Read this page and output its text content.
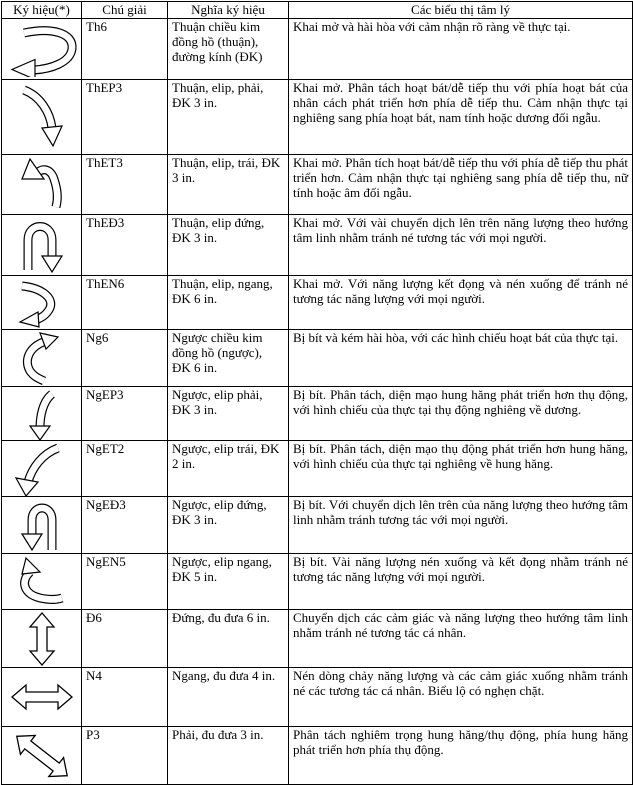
Ký hiệu(*)	Chú giải	Nghĩa ký hiệu	Các biểu thị tâm lý

	Th6	Thuận chiều kim đồng hồ (thuận), đường kính (ĐK)	Khai mở và hài hòa với cảm nhận rõ ràng về thực tại.

	ThEP3	Thuận, elip, phải, ĐK 3 in.	Khai mở. Phân tách hoạt bát/dễ tiếp thu với phía hoạt bát của nhân cách phát triển hơn phía dễ tiếp thu. Cảm nhận thực tại nghiêng sang phía hoạt bát, nam tính hoặc dương đối ngẫu.

	ThET3	Thuận, elip, trái, ĐK 3 in.	Khai mở. Phân tích hoạt bát/dễ tiếp thu với phía dễ tiếp thu phát triển hơn. Cảm nhận thực tại nghiêng sang phía dễ tiếp thu, nữ tính hoặc âm đối ngẫu.

	ThEĐ3	Thuận, elip đứng, ĐK 3 in.	Khai mở. Với vài chuyển dịch lên trên năng lượng theo hướng tâm linh nhằm tránh né tương tác với mọi người.

	ThEN6	Thuận, elip, ngang, ĐK 6 in.	Khai mở. Với năng lượng kết đọng và nén xuống để tránh né tương tác năng lượng với mọi người.

	Ng6	Ngược chiều kim đồng hồ (ngược), ĐK 6 in.	Bị bít và kém hài hòa, với các hình chiếu hoạt bát của thực tại.

	NgEP3	Ngược, elip phải, ĐK 3 in.	Bị bít. Phân tách, diện mạo hung hăng phát triển hơn thụ động, với hình chiếu của thực tại thụ động nghiêng về dương.

	NgET2	Ngược, elip trái, ĐK 2 in.	Bị bít. Phân tách, diện mạo thụ động phát triển hơn hung hăng, với hình chiếu của thực tại nghiêng về hung hăng.

	NgEĐ3	Ngược, elip đứng, ĐK 3 in.	Bị bít. Với chuyển dịch lên trên của năng lượng theo hướng tâm linh nhằm tránh tương tác với mọi người.

	NgEN5	Ngược, elip ngang, ĐK 5 in.	Bị bít. Vài năng lượng nén xuống và kết đọng nhằm tránh né tương tác năng lượng với mọi người.

	Đ6	Đứng, đu đưa 6 in.	Chuyển dịch các cảm giác và năng lượng theo hướng tâm linh nhằm tránh né tương tác cá nhân.

	N4	Ngang, đu đưa 4 in.	Nén dòng chảy năng lượng và các cảm giác xuống nhằm tránh né các tương tác cá nhân. Biểu lộ có nghẹn chặt.

	P3	Phải, đu đưa 3 in.	Phân tách nghiêm trọng hung hăng/thụ động, phía hung hăng phát triển hơn phía thụ động.
